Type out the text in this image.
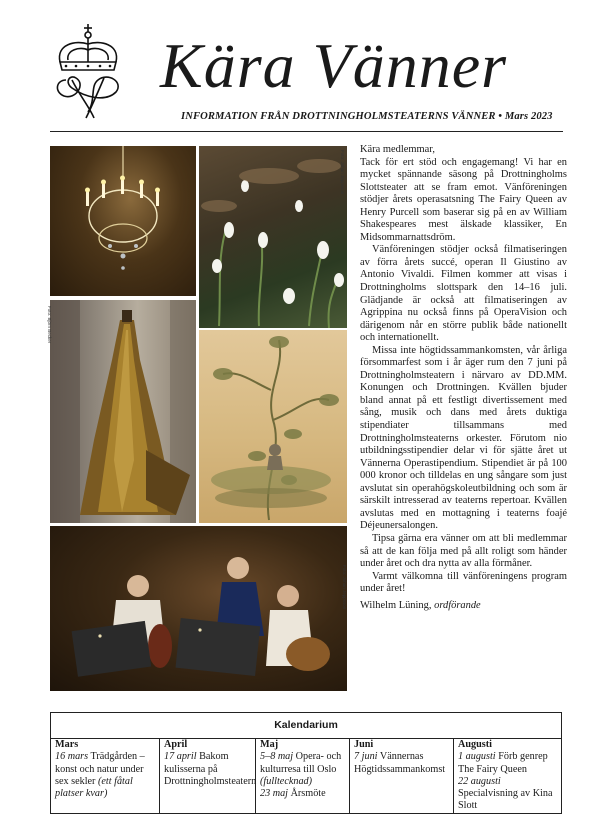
Kära Vänner
INFORMATION FRÅN DROTTNINGHOLMSTEATERNS VÄNNER • Mars 2023
Foto: Johan Jeppsson
Foto: Björn Becker
Foto: Johan Jeppsson

Kära medlemmar,

Tack för ert stöd och engagemang! Vi har en mycket spännande säsong på Drottningholms Slottsteater att se fram emot. Vänföreningen stödjer årets operasatsning The Fairy Queen av Henry Purcell som baserar sig på en av William Shakespeares mest älskade klassiker, En Midsommarnattsdröm.

Vänföreningen stödjer också filmatiseringen av förra årets succé, operan Il Giustino av Antonio Vivaldi. Filmen kommer att visas i Drottningholms slottspark den 14–16 juli. Glädjande är också att filmatiseringen av Agrippina nu också finns på OperaVision och därigenom når en större publik både nationellt och internationellt.

Missa inte högtidssammankomsten, vår årliga försommarfest som i år äger rum den 7 juni på Drottningholmsteatern i närvaro av DD.MM. Konungen och Drottningen. Kvällen bjuder bland annat på ett festligt divertissement med sång, musik och dans med årets duktiga stipendiater tillsammans med Drottningholmsteaterns orkester. Förutom nio utbildningsstipendier delar vi för sjätte året ut Vännerna Operastipendium. Stipendiet är på 100 000 kronor och tilldelas en ung sångare som just avslutat sin operahögskoleutbildning och som är särskilt intresserad av teaterns repertoar. Kvällen avslutas med en mottagning i teaterns foajé Déjeunersalongen.

Tipsa gärna era vänner om att bli medlemmar så att de kan följa med på allt roligt som händer under året och dra nytta av alla förmåner.

Varmt välkomna till vänföreningens program under året!

Wilhelm Lüning, ordförande

Kalendarium
Mars
16 mars Trädgården – konst och natur under sex sekler (ett fåtal platser kvar)
April
17 april Bakom kulisserna på Drottningholmsteatern
Maj
5–8 maj Opera- och kulturresa till Oslo (fulltecknad)
23 maj Årsmöte
Juni
7 juni Vännernas Högtidssammankomst
Augusti
1 augusti Förb genrep The Fairy Queen
22 augusti Specialvisning av Kina Slott
